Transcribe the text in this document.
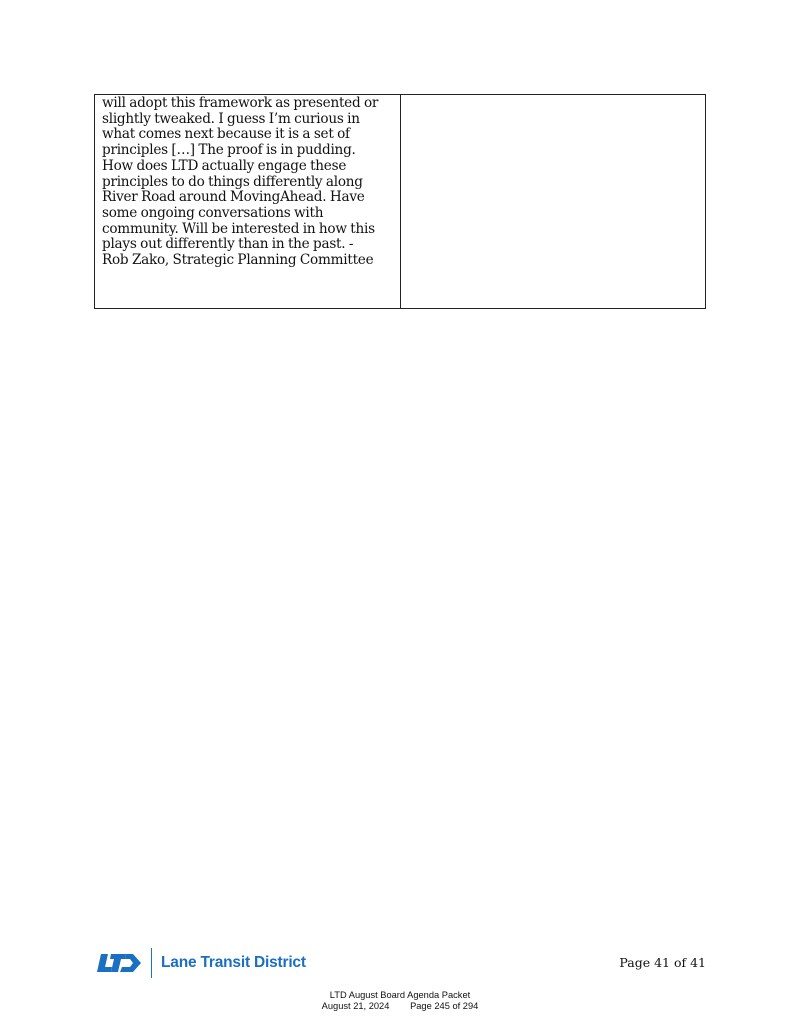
will adopt this framework as presented or
slightly tweaked. I guess I’m curious in
what comes next because it is a set of
principles […] The proof is in pudding.
How does LTD actually engage these
principles to do things differently along
River Road around MovingAhead. Have
some ongoing conversations with
community. Will be interested in how this
plays out differently than in the past. -
Rob Zako, Strategic Planning Committee

Lane Transit District	Page 41 of 41
LTD August Board Agenda Packet
August 21, 2024 Page 245 of 294
